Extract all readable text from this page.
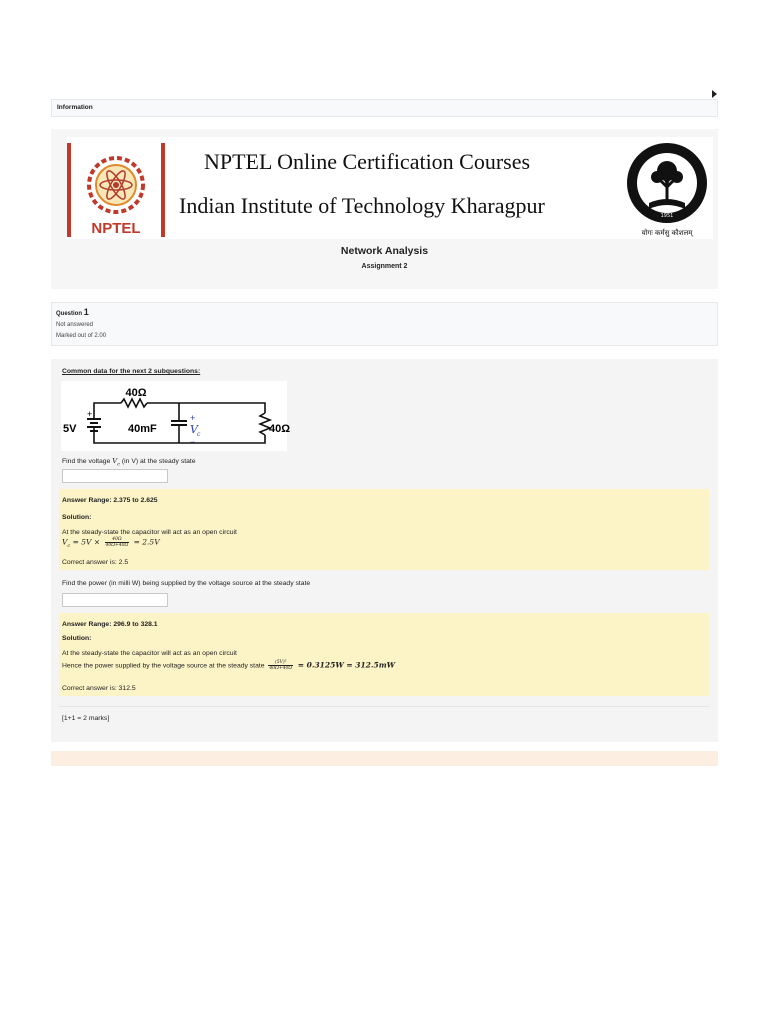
Information
NPTEL
NPTEL Online Certification Courses
Indian Institute of Technology Kharagpur	1951
योगः कर्मसु कौशलम्
Network Analysis
Assignment 2
Question 1
Not answered
Marked out of 2.00
Common data for the next 2 subquestions:
40Ω
5V	40mF	40Ω
+	+
V c
−
Find the voltage $V_c$ (in V) at the steady state
Answer Range: 2.375 to 2.625
Solution:
At the steady-state the capacitor will act as an open circuit
$V_c = 5V \times \frac{40\Omega}{40\Omega+40\Omega} = 2.5V$
Correct answer is: 2.5
Find the power (in milli W) being supplied by the voltage source at the steady state
Answer Range: 296.9 to 328.1
Solution:
At the steady-state the capacitor will act as an open circuit
Hence the power supplied by the voltage source at the steady state $\frac{\text{(5V)²}}{40\Omega+40\Omega} = 0.3125W = 312.5mW$
Correct answer is: 312.5
[1+1 = 2 marks]
